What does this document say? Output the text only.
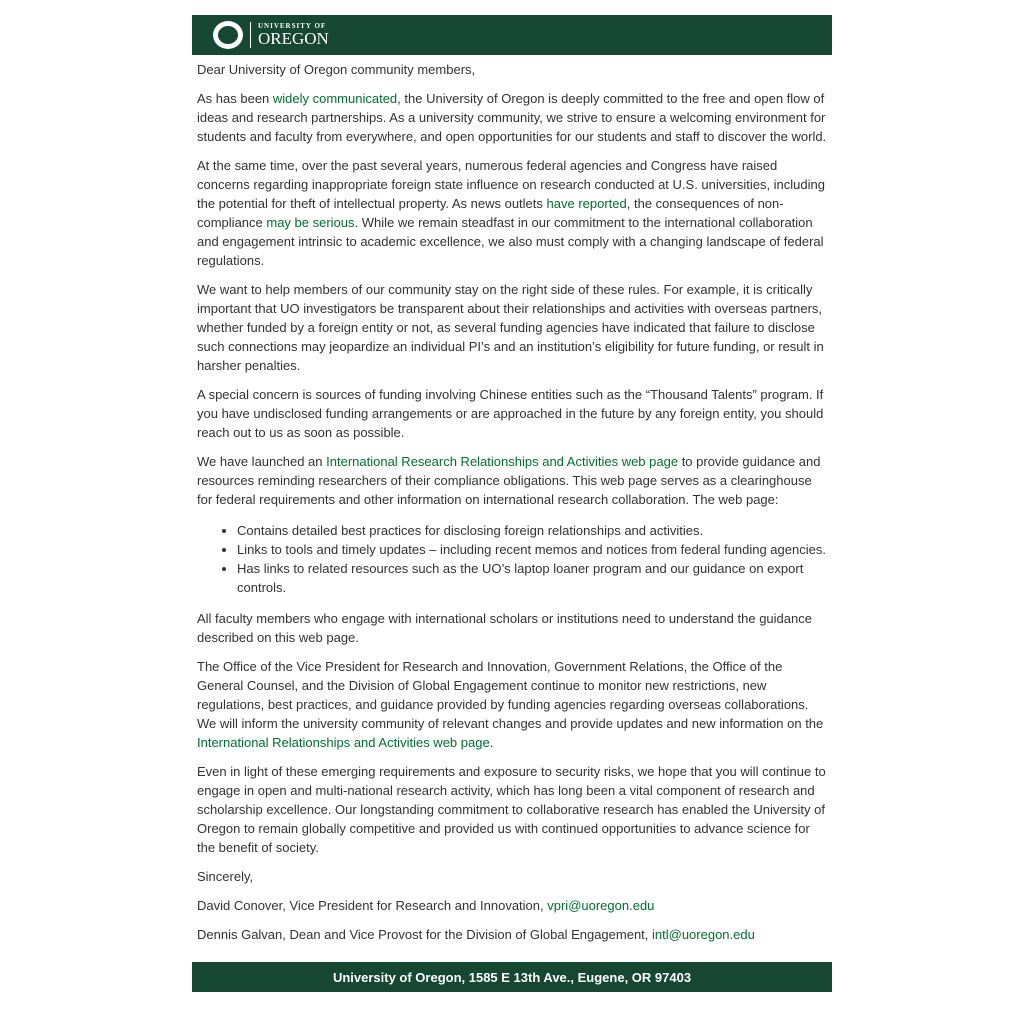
UNIVERSITY OF
OREGON

Dear University of Oregon community members,

As has been widely communicated, the University of Oregon is deeply committed to the free and open flow of ideas and research partnerships. As a university community, we strive to ensure a welcoming environment for students and faculty from everywhere, and open opportunities for our students and staff to discover the world.

At the same time, over the past several years, numerous federal agencies and Congress have raised concerns regarding inappropriate foreign state influence on research conducted at U.S. universities, including the potential for theft of intellectual property. As news outlets have reported, the consequences of non-compliance may be serious. While we remain steadfast in our commitment to the international collaboration and engagement intrinsic to academic excellence, we also must comply with a changing landscape of federal regulations.

We want to help members of our community stay on the right side of these rules. For example, it is critically important that UO investigators be transparent about their relationships and activities with overseas partners, whether funded by a foreign entity or not, as several funding agencies have indicated that failure to disclose such connections may jeopardize an individual PI’s and an institution’s eligibility for future funding, or result in harsher penalties.

A special concern is sources of funding involving Chinese entities such as the “Thousand Talents” program. If you have undisclosed funding arrangements or are approached in the future by any foreign entity, you should reach out to us as soon as possible.

We have launched an International Research Relationships and Activities web page to provide guidance and resources reminding researchers of their compliance obligations. This web page serves as a clearinghouse for federal requirements and other information on international research collaboration. The web page:

• Contains detailed best practices for disclosing foreign relationships and activities.
• Links to tools and timely updates – including recent memos and notices from federal funding agencies.
• Has links to related resources such as the UO’s laptop loaner program and our guidance on export controls.

All faculty members who engage with international scholars or institutions need to understand the guidance described on this web page.

The Office of the Vice President for Research and Innovation, Government Relations, the Office of the General Counsel, and the Division of Global Engagement continue to monitor new restrictions, new regulations, best practices, and guidance provided by funding agencies regarding overseas collaborations. We will inform the university community of relevant changes and provide updates and new information on the International Relationships and Activities web page.

Even in light of these emerging requirements and exposure to security risks, we hope that you will continue to engage in open and multi-national research activity, which has long been a vital component of research and scholarship excellence. Our longstanding commitment to collaborative research has enabled the University of Oregon to remain globally competitive and provided us with continued opportunities to advance science for the benefit of society.

Sincerely,

David Conover, Vice President for Research and Innovation, vpri@uoregon.edu

Dennis Galvan, Dean and Vice Provost for the Division of Global Engagement, intl@uoregon.edu

University of Oregon, 1585 E 13th Ave., Eugene, OR 97403
